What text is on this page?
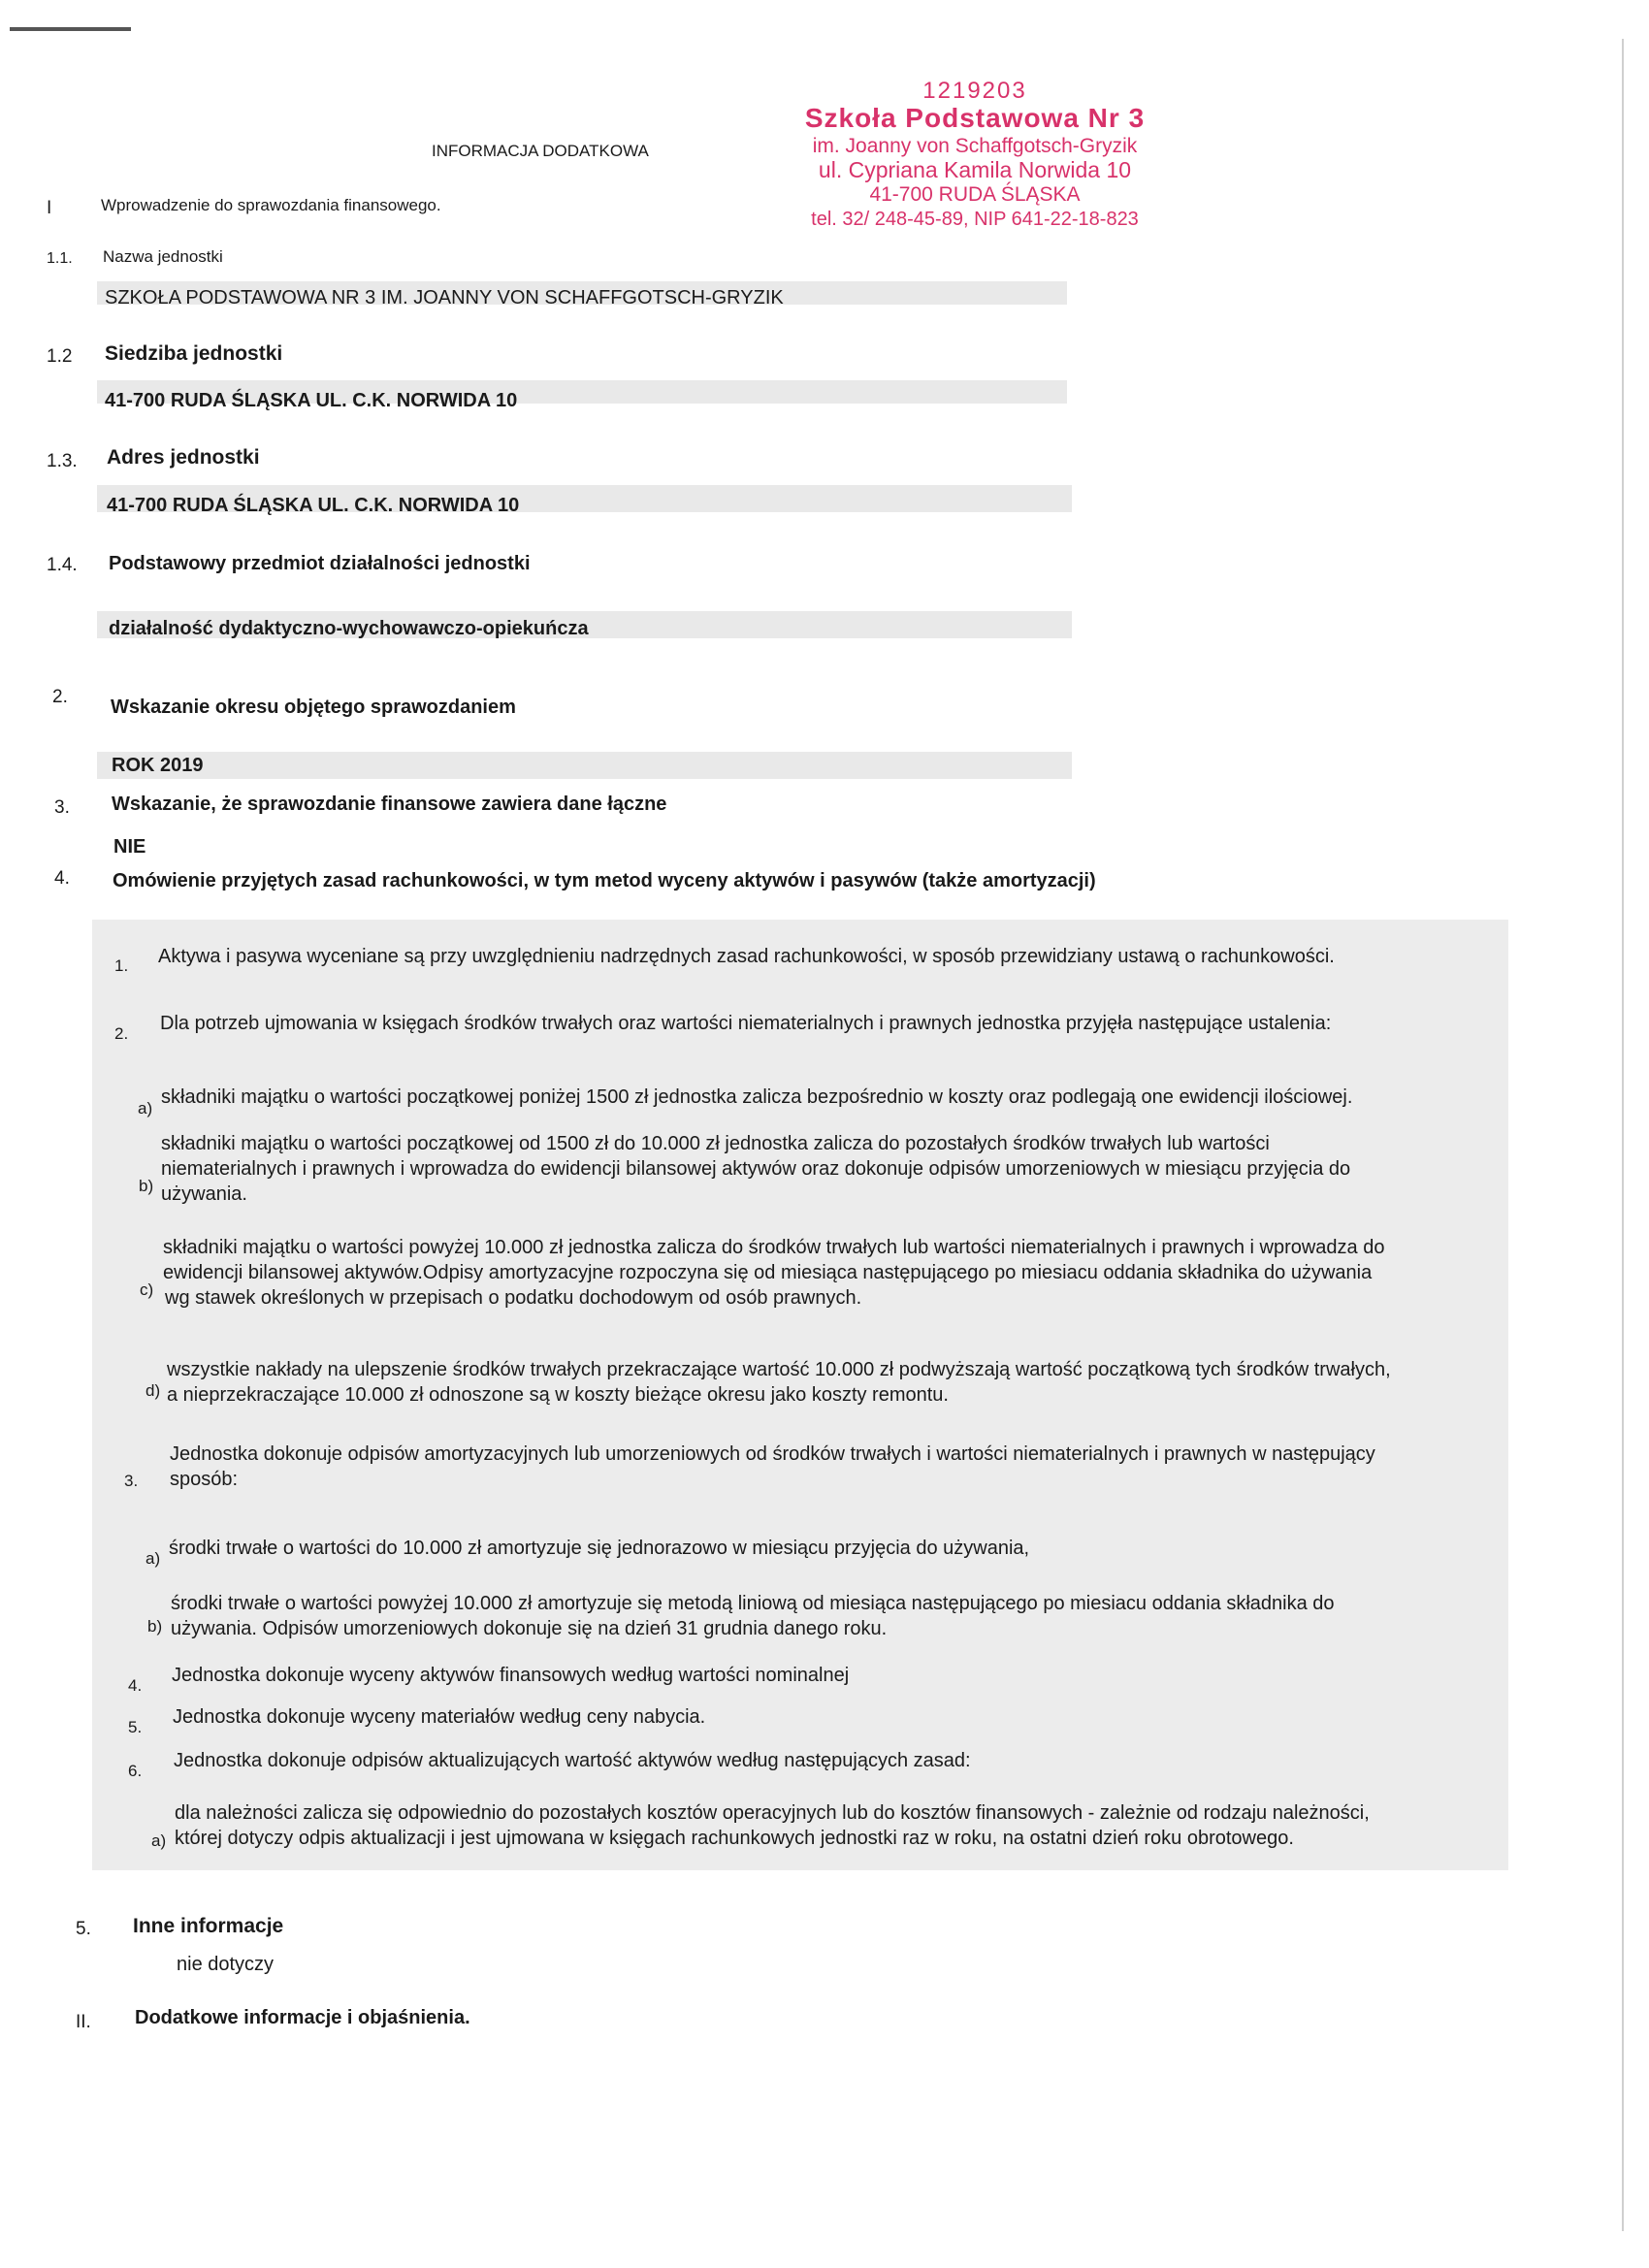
1219203
Szkoła Podstawowa Nr 3
im. Joanny von Schaffgotsch-Gryzik
ul. Cypriana Kamila Norwida 10
41-700 RUDA ŚLĄSKA
tel. 32/ 248-45-89, NIP 641-22-18-823
INFORMACJA DODATKOWA
I	Wprowadzenie do sprawozdania finansowego.
1.1. Nazwa jednostki
SZKOŁA PODSTAWOWA NR 3 IM. JOANNY VON SCHAFFGOTSCH-GRYZIK
1.2 Siedziba jednostki
41-700 RUDA ŚLĄSKA UL. C.K. NORWIDA 10
1.3. Adres jednostki
41-700 RUDA ŚLĄSKA UL. C.K. NORWIDA 10
1.4. Podstawowy przedmiot działalności jednostki
działalność dydaktyczno-wychowawczo-opiekuńcza
2. Wskazanie okresu objętego sprawozdaniem
ROK 2019
3. Wskazanie, że sprawozdanie finansowe zawiera dane łączne
NIE
4. Omówienie przyjętych zasad rachunkowości, w tym metod wyceny aktywów i pasywów (także amortyzacji)
1. Aktywa i pasywa wyceniane są przy uwzględnieniu nadrzędnych zasad rachunkowości, w sposób przewidziany ustawą o rachunkowości.
2. Dla potrzeb ujmowania w księgach środków trwałych oraz wartości niematerialnych i prawnych jednostka przyjęła następujące ustalenia:
a)
składniki majątku o wartości początkowej poniżej 1500 zł jednostka zalicza bezpośrednio w koszty oraz podlegają one ewidencji ilościowej.
b)
składniki majątku o wartości początkowej od 1500 zł do 10.000 zł jednostka zalicza do pozostałych środków trwałych lub wartości
niematerialnych i prawnych i wprowadza do ewidencji bilansowej aktywów oraz dokonuje odpisów umorzeniowych w miesiącu przyjęcia do
używania.
c)
składniki majątku o wartości powyżej 10.000 zł jednostka zalicza do środków trwałych lub wartości niematerialnych i prawnych i wprowadza do
ewidencji bilansowej aktywów.Odpisy amortyzacyjne rozpoczyna się od miesiąca następującego po miesiacu oddania składnika do używania
wg stawek określonych w przepisach o podatku dochodowym od osób prawnych.
d)
wszystkie nakłady na ulepszenie środków trwałych przekraczające wartość 10.000 zł podwyższają wartość początkową tych środków trwałych,
a nieprzekraczające 10.000 zł odnoszone są w koszty bieżące okresu jako koszty remontu.
3.
Jednostka dokonuje odpisów amortyzacyjnych lub umorzeniowych od środków trwałych i wartości niematerialnych i prawnych w następujący
sposób:
a) środki trwałe o wartości do 10.000 zł amortyzuje się jednorazowo w miesiącu przyjęcia do używania,
b)
środki trwałe o wartości powyżej 10.000 zł amortyzuje się metodą liniową od miesiąca następującego po miesiacu oddania składnika do
używania. Odpisów umorzeniowych dokonuje się na dzień 31 grudnia danego roku.
4. Jednostka dokonuje wyceny aktywów finansowych według wartości nominalnej
5. Jednostka dokonuje wyceny materiałów według ceny nabycia.
6. Jednostka dokonuje odpisów aktualizujących wartość aktywów według następujących zasad:
a)
dla należności zalicza się odpowiednio do pozostałych kosztów operacyjnych lub do kosztów finansowych - zależnie od rodzaju należności,
której dotyczy odpis aktualizacji i jest ujmowana w księgach rachunkowych jednostki raz w roku, na ostatni dzień roku obrotowego.
5. Inne informacje
nie dotyczy
II. Dodatkowe informacje i objaśnienia.
